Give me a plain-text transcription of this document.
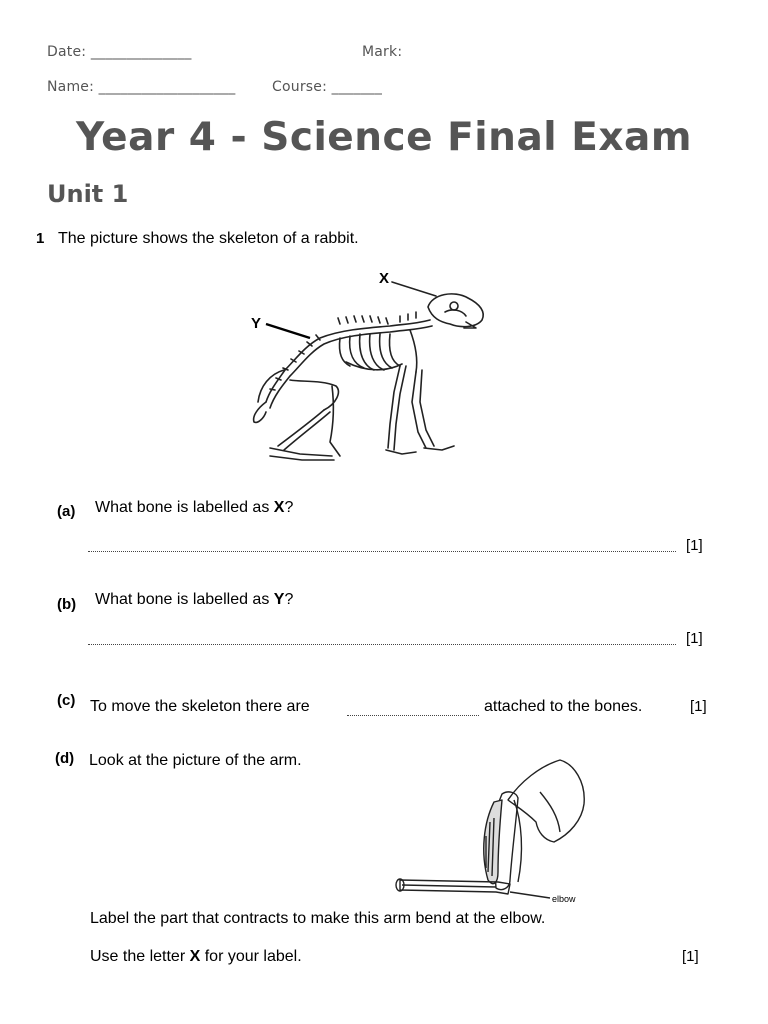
Date: ______________	Mark:
Name: ___________________	Course: _______
Year 4 - Science Final Exam
Unit 1
1 The picture shows the skeleton of a rabbit.
X
Y
(a) What bone is labelled as X?
[1]
(b) What bone is labelled as Y?
[1]
(c) To move the skeleton there are	attached to the bones.	[1]
(d) Look at the picture of the arm.
elbow
Label the part that contracts to make this arm bend at the elbow.
Use the letter X for your label.	[1]
